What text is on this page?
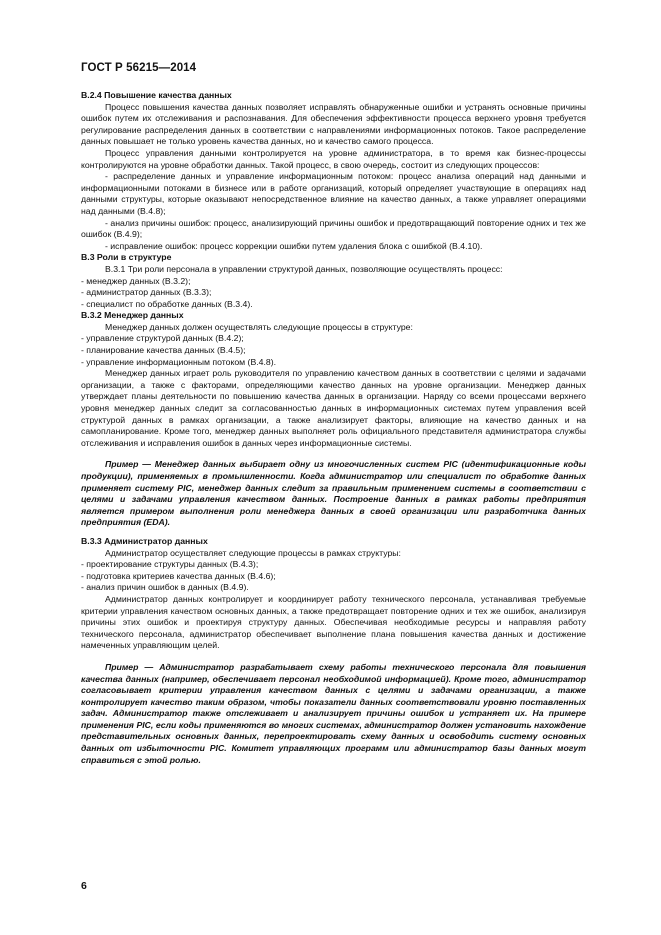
ГОСТ Р 56215—2014

В.2.4 Повышение качества данных

Процесс повышения качества данных позволяет исправлять обнаруженные ошибки и устранять основные причины ошибок путем их отслеживания и распознавания. Для обеспечения эффективности процесса верхнего уровня требуется регулирование распределения данных в соответствии с направлениями информационных потоков. Такое распределение данных повышает не только уровень качества данных, но и качество самого процесса.

Процесс управления данными контролируется на уровне администратора, в то время как бизнес-процессы контролируются на уровне обработки данных. Такой процесс, в свою очередь, состоит из следующих процессов:

- распределение данных и управление информационным потоком: процесс анализа операций над данными и информационными потоками в бизнесе или в работе организаций, который определяет участвующие в операциях над данными структуры, которые оказывают непосредственное влияние на качество данных, а также управляет операциями над данными (В.4.8);

- анализ причины ошибок: процесс, анализирующий причины ошибок и предотвращающий повторение одних и тех же ошибок (В.4.9);

- исправление ошибок: процесс коррекции ошибки путем удаления блока с ошибкой (В.4.10).

В.3 Роли в структуре

В.3.1 Три роли персонала в управлении структурой данных, позволяющие осуществлять процесс:

- менеджер данных (В.3.2);

- администратор данных (В.3.3);

- специалист по обработке данных (В.3.4).

В.3.2 Менеджер данных

Менеджер данных должен осуществлять следующие процессы в структуре:

- управление структурой данных (В.4.2);

- планирование качества данных (В.4.5);

- управление информационным потоком (В.4.8).

Менеджер данных играет роль руководителя по управлению качеством данных в соответствии с целями и задачами организации, а также с факторами, определяющими качество данных на уровне организации. Менеджер данных утверждает планы деятельности по повышению качества данных в организации. Наряду со всеми процессами верхнего уровня менеджер данных следит за согласованностью данных в информационных системах путем управления всей структурой данных в рамках организации, а также анализирует факторы, влияющие на качество данных и на самопланирование. Кроме того, менеджер данных выполняет роль официального представителя администратора службы отслеживания и исправления ошибок в данных через информационные системы.

Пример — Менеджер данных выбирает одну из многочисленных систем PIC (идентификационные коды продукции), применяемых в промышленности. Когда администратор или специалист по обработке данных применяет систему PIC, менеджер данных следит за правильным применением системы в соответствии с целями и задачами управления качеством данных. Построение данных в рамках работы предприятия является примером выполнения роли менеджера данных в своей организации или разработчика данных предприятия (EDA).

В.3.3 Администратор данных

Администратор осуществляет следующие процессы в рамках структуры:

- проектирование структуры данных (В.4.3);

- подготовка критериев качества данных (В.4.6);

- анализ причин ошибок в данных (В.4.9).

Администратор данных контролирует и координирует работу технического персонала, устанавливая требуемые критерии управления качеством основных данных, а также предотвращает повторение одних и тех же ошибок, анализируя причины этих ошибок и проектируя структуру данных. Обеспечивая необходимые ресурсы и направляя работу технического персонала, администратор обеспечивает выполнение плана повышения качества данных и достижение намеченных управляющим целей.

Пример — Администратор разрабатывает схему работы технического персонала для повышения качества данных (например, обеспечивает персонал необходимой информацией). Кроме того, администратор согласовывает критерии управления качеством данных с целями и задачами организации, а также контролирует качество таким образом, чтобы показатели данных соответствовали уровню поставленных задач. Администратор также отслеживает и анализирует причины ошибок и устраняет их. На примере применения PIC, если коды применяются во многих системах, администратор должен установить нахождение представительных основных данных, перепроектировать схему данных и освободить систему основных данных от избыточности PIC. Комитет управляющих программ или администратор базы данных могут справиться с этой ролью.

6
